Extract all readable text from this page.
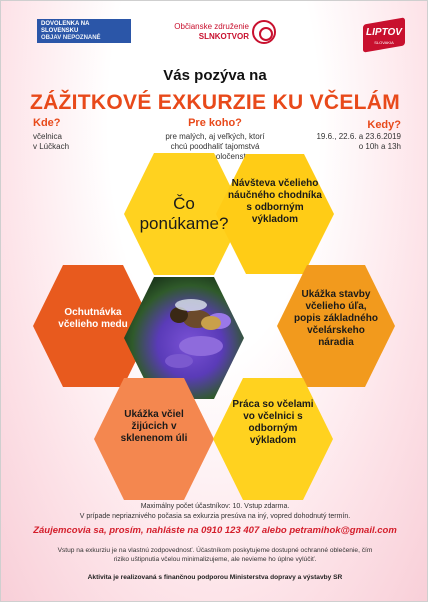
DOVOLENKA NA
SLOVENSKU
OBJAV NEPOZNANÉ
Občianske združenie
SLNKOTVOR	LIPTOV
SLOVAKIA
Vás pozýva na
ZÁŽITKOVÉ EXKURZIE KU VČELÁM
Kde?
včelnica
v Lúčkach
Pre koho?
pre malých, aj veľkých, ktorí
chcú poodhaliť tajomstvá
spoločenstva
Kedy?
19.6., 22.6. a 23.6.2019
o 10h a 13h
Čo ponúkame?
Návšteva včelieho náučného chodníka s odborným výkladom
Ochutnávka včelieho medu
Ukážka stavby včelieho úľa, popis základného včelárskeho náradia
Ukážka včiel žijúcich v sklenenom úli
Práca so včelami vo včelnici s odborným výkladom
Maximálny počet účastníkov: 10. Vstup zdarma.
V prípade nepriaznivého počasia sa exkurzia presúva na iný, vopred dohodnutý termín.
Záujemcovia sa, prosím, nahláste na 0910 123 407 alebo petramihok@gmail.com
Vstup na exkurziu je na vlastnú zodpovednosť. Účastníkom poskytujeme dostupné ochranné oblečenie, čím
riziko uštipnutia včelou minimalizujeme, ale nevieme ho úplne vylúčiť.
Aktivita je realizovaná s finančnou podporou Ministerstva dopravy a výstavby SR
